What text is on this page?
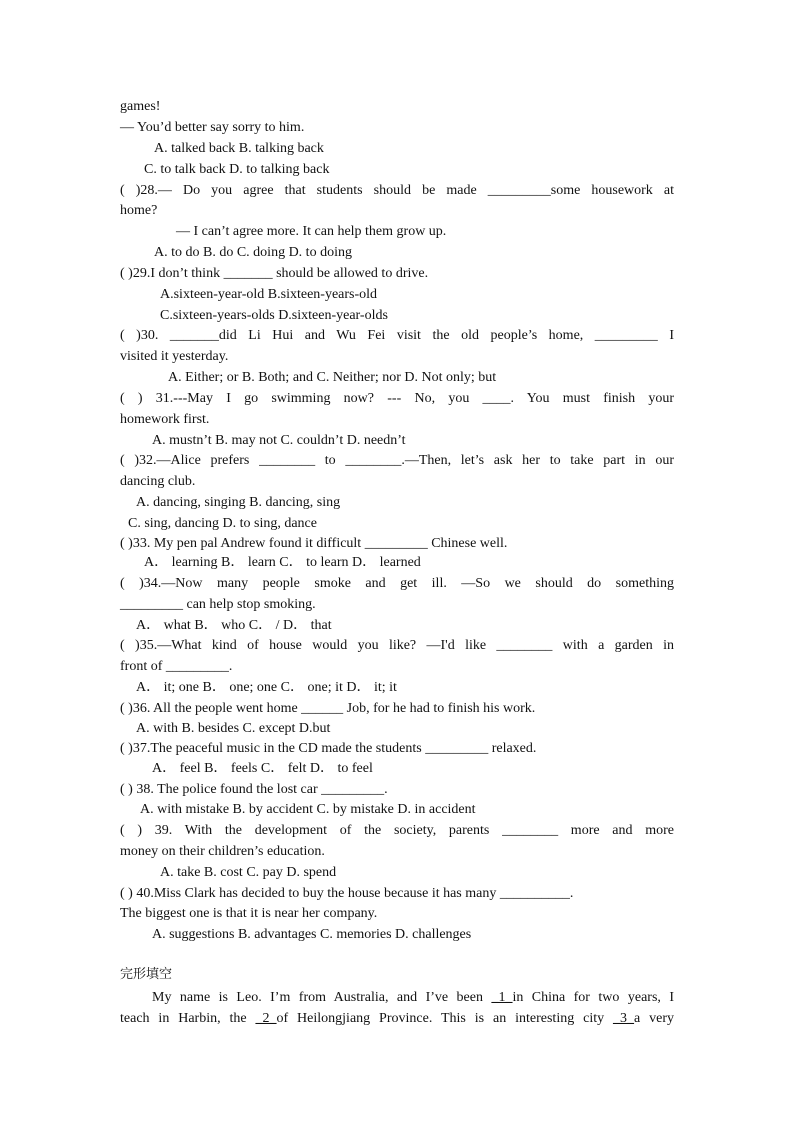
games!
— You’d better say sorry to him.
A. talked back B. talking back
C. to talk back D. to talking back
( )28.— Do you agree that students should be made _________some housework at
home?
— I can’t agree more. It can help them grow up.
A. to do B. do C. doing D. to doing
( )29.I don’t think _______ should be allowed to drive.
A.sixteen-year-old B.sixteen-years-old
C.sixteen-years-olds D.sixteen-year-olds
( )30. _______did Li Hui and Wu Fei visit the old people’s home, _________ I
visited it yesterday.
A. Either; or B. Both; and C. Neither; nor D. Not only; but
( ) 31.---May I go swimming now? --- No, you ____. You must finish your
homework first.
A. mustn’t B. may not C. couldn’t D. needn’t
( )32.—Alice prefers ________ to ________.—Then, let’s ask her to take part in our
dancing club.
A. dancing, singing B. dancing, sing
C. sing, dancing D. to sing, dance
( )33. My pen pal Andrew found it difficult _________ Chinese well.
A． learning B． learn C． to learn D． learned
( )34.—Now many people smoke and get ill. —So we should do something
_________ can help stop smoking.
A． what B． who C． / D． that
( )35.—What kind of house would you like? —I'd like ________ with a garden in
front of _________.
A． it; one B． one; one C． one; it D． it; it
( )36. All the people went home ______ Job, for he had to finish his work.
A. with B. besides C. except D.but
( )37.The peaceful music in the CD made the students _________ relaxed.
A． feel B． feels C． felt D． to feel
( ) 38. The police found the lost car _________.
A. with mistake B. by accident C. by mistake D. in accident
( ) 39. With the development of the society, parents ________ more and more
money on their children’s education.
A. take B. cost C. pay D. spend
( ) 40.Miss Clark has decided to buy the house because it has many __________.
The biggest one is that it is near her company.
A. suggestions B. advantages C. memories D. challenges
完形填空
My name is Leo. I’m from Australia, and I’ve been _1_in China for two years, I
teach in Harbin, the _2_of Heilongjiang Province. This is an interesting city _3_a very
